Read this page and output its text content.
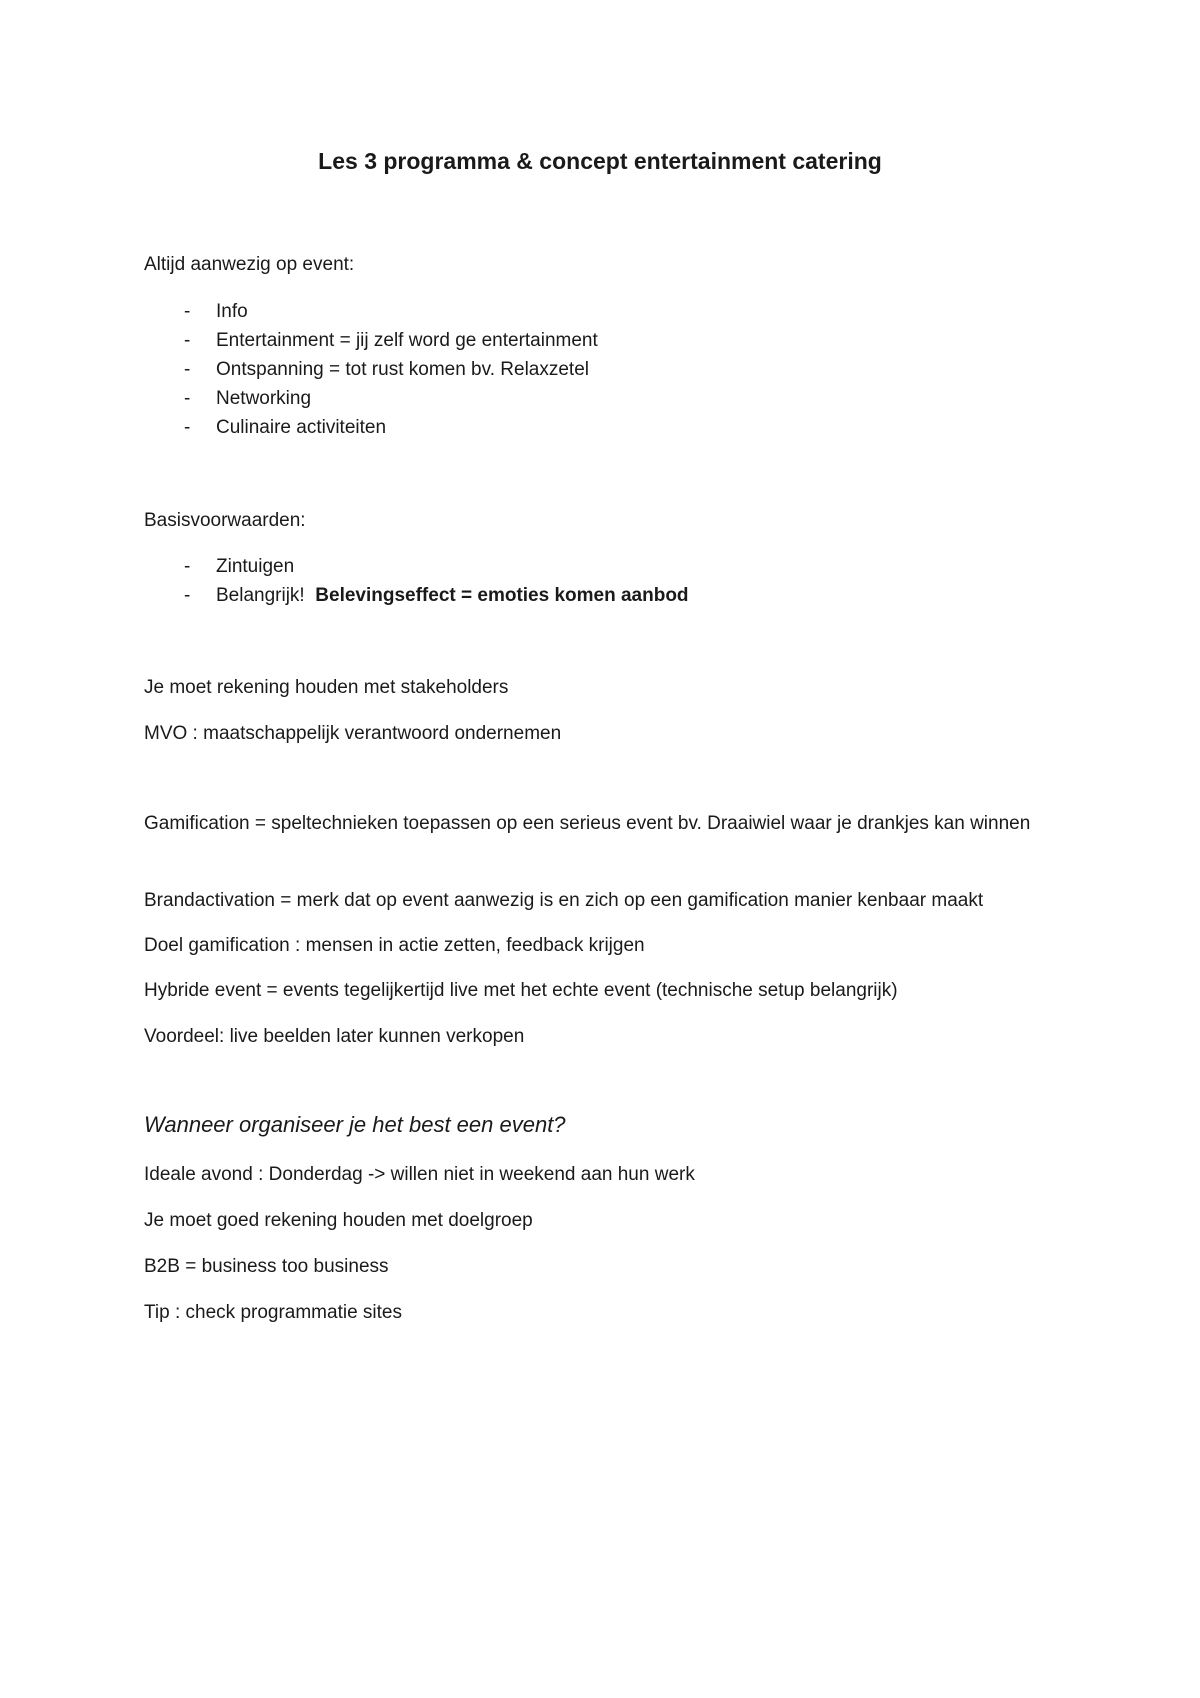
Les 3 programma & concept entertainment catering
Altijd aanwezig op event:
- Info
- Entertainment = jij zelf word ge entertainment
- Ontspanning = tot rust komen bv. Relaxzetel
- Networking
- Culinaire activiteiten
Basisvoorwaarden:
- Zintuigen
- Belangrijk! Belevingseffect = emoties komen aanbod
Je moet rekening houden met stakeholders
MVO : maatschappelijk verantwoord ondernemen
Gamification = speltechnieken toepassen op een serieus event bv. Draaiwiel waar je drankjes kan winnen
Brandactivation = merk dat op event aanwezig is en zich op een gamification manier kenbaar maakt
Doel gamification : mensen in actie zetten, feedback krijgen
Hybride event = events tegelijkertijd live met het echte event (technische setup belangrijk)
Voordeel: live beelden later kunnen verkopen
Wanneer organiseer je het best een event?
Ideale avond : Donderdag -> willen niet in weekend aan hun werk
Je moet goed rekening houden met doelgroep
B2B = business too business
Tip : check programmatie sites
